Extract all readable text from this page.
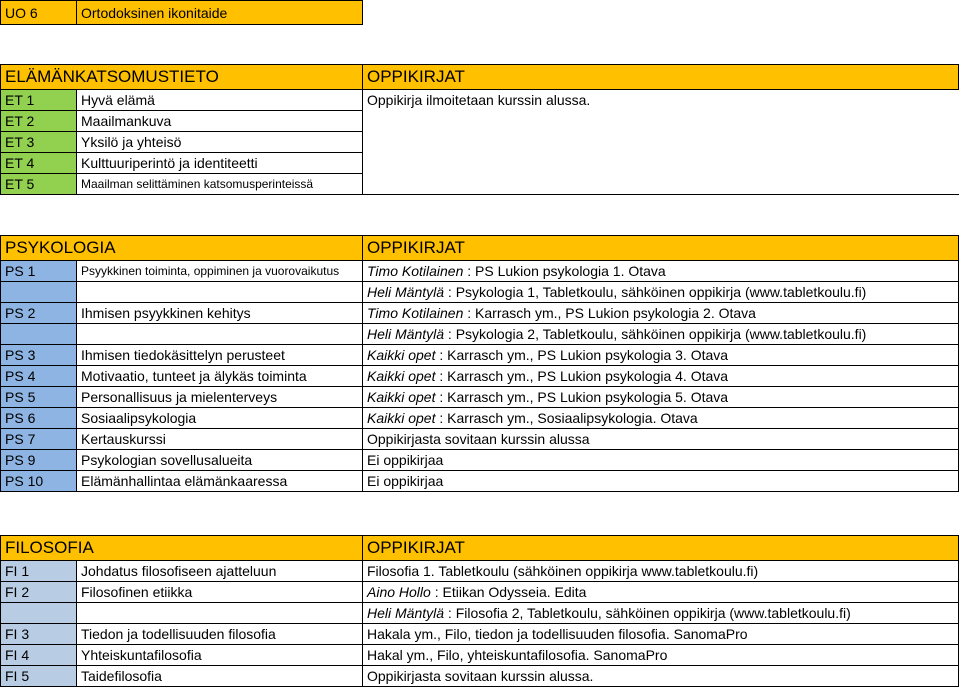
UO 6	Ortodoksinen ikonitaide
ELÄMÄNKATSOMUSTIETO		OPPIKIRJAT
ET 1	Hyvä elämä	Oppikirja ilmoitetaan kurssin alussa.
ET 2	Maailmankuva	
ET 3	Yksilö ja yhteisö	
ET 4	Kulttuuriperintö ja identiteetti	
ET 5	Maailman selittäminen katsomusperinteissä	
PSYKOLOGIA		OPPIKIRJAT
PS 1	Psyykkinen toiminta, oppiminen ja vuorovaikutus	Timo Kotilainen : PS Lukion psykologia 1. Otava
		Heli Mäntylä : Psykologia 1, Tabletkoulu, sähköinen oppikirja (www.tabletkoulu.fi)
PS 2	Ihmisen psyykkinen kehitys	Timo Kotilainen : Karrasch ym., PS Lukion psykologia 2. Otava
		Heli Mäntylä : Psykologia 2, Tabletkoulu, sähköinen oppikirja (www.tabletkoulu.fi)
PS 3	Ihmisen tiedokäsittelyn perusteet	Kaikki opet : Karrasch ym., PS Lukion psykologia 3. Otava
PS 4	Motivaatio, tunteet ja älykäs toiminta	Kaikki opet : Karrasch ym., PS Lukion psykologia 4. Otava
PS 5	Personallisuus ja mielenterveys	Kaikki opet : Karrasch ym., PS Lukion psykologia 5. Otava
PS 6	Sosiaalipsykologia	Kaikki opet : Karrasch ym., Sosiaalipsykologia. Otava
PS 7	Kertauskurssi	Oppikirjasta sovitaan kurssin alussa
PS 9	Psykologian sovellusalueita	Ei oppikirjaa
PS 10	Elämänhallintaa elämänkaaressa	Ei oppikirjaa
FILOSOFIA		OPPIKIRJAT
FI 1	Johdatus filosofiseen ajatteluun	Filosofia 1. Tabletkoulu (sähköinen oppikirja www.tabletkoulu.fi)
FI 2	Filosofinen etiikka	Aino Hollo : Etiikan Odysseia. Edita
		Heli Mäntylä : Filosofia 2, Tabletkoulu, sähköinen oppikirja (www.tabletkoulu.fi)
FI 3	Tiedon ja todellisuuden filosofia	Hakala ym., Filo, tiedon ja todellisuuden filosofia. SanomaPro
FI 4	Yhteiskuntafilosofia	Hakal ym., Filo, yhteiskuntafilosofia. SanomaPro
FI 5	Taidefilosofia	Oppikirjasta sovitaan kurssin alussa.
